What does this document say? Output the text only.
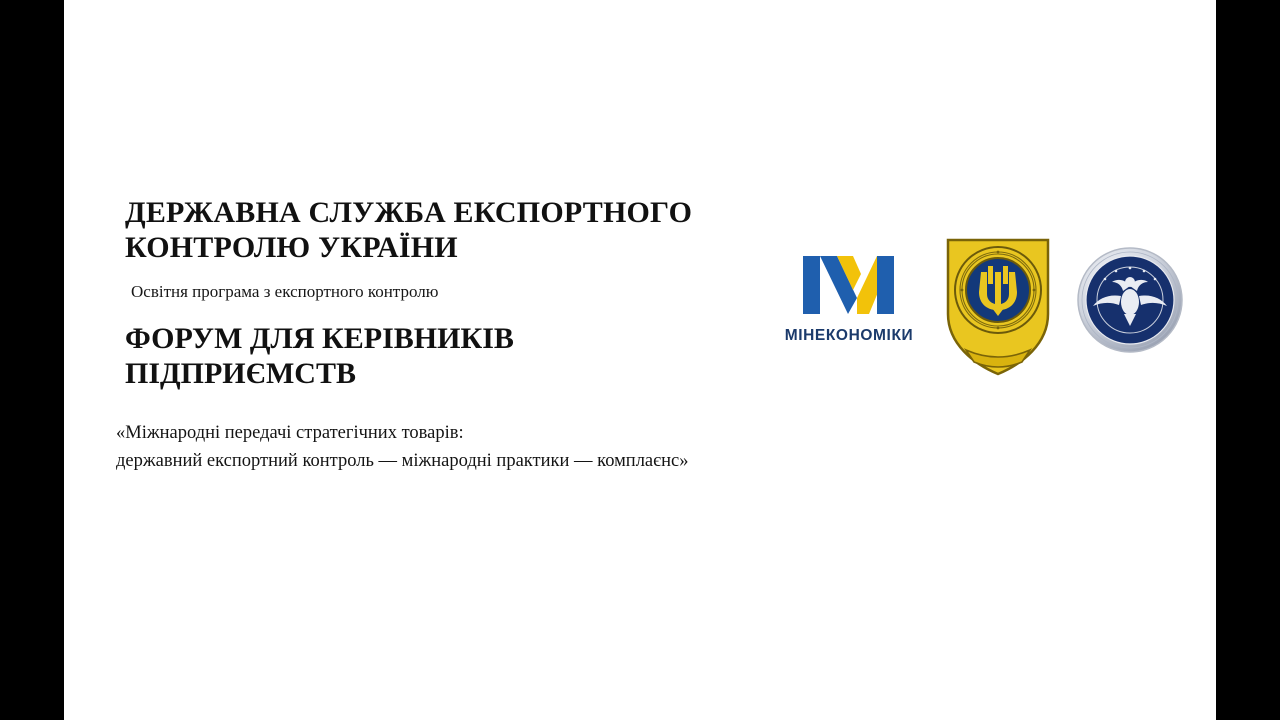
ДЕРЖАВНА СЛУЖБА ЕКСПОРТНОГО
КОНТРОЛЮ УКРАЇНИ
Освітня програма з експортного контролю
ФОРУМ ДЛЯ КЕРІВНИКІВ
ПІДПРИЄМСТВ
«Міжнародні передачі стратегічних товарів:
державний експортний контроль — міжнародні практики — комплаєнс»
МІНЕКОНОМІКИ
